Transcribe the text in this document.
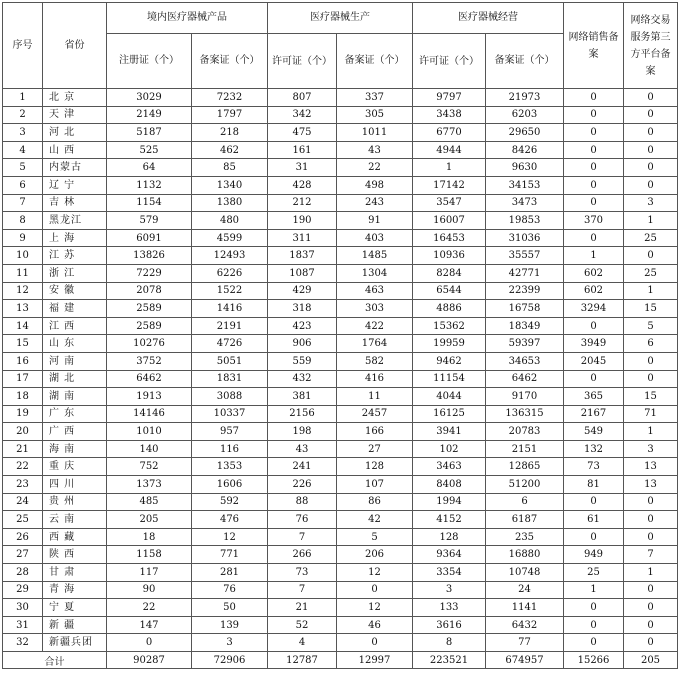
序号	省份	境内医疗器械产品		医疗器械生产		医疗器械经营		网络销售备案	网络交易服务第三方平台备案
		注册证（个）	备案证（个）	许可证（个）	备案证（个）	许可证（个）	备案证（个）		
1	北 京	3029	7232	807	337	9797	21973	0	0
2	天 津	2149	1797	342	305	3438	6203	0	0
3	河 北	5187	218	475	1011	6770	29650	0	0
4	山 西	525	462	161	43	4944	8426	0	0
5	内蒙古	64	85	31	22	1	9630	0	0
6	辽 宁	1132	1340	428	498	17142	34153	0	0
7	吉 林	1154	1380	212	243	3547	3473	0	3
8	黑龙江	579	480	190	91	16007	19853	370	1
9	上 海	6091	4599	311	403	16453	31036	0	25
10	江 苏	13826	12493	1837	1485	10936	35557	1	0
11	浙 江	7229	6226	1087	1304	8284	42771	602	25
12	安 徽	2078	1522	429	463	6544	22399	602	1
13	福 建	2589	1416	318	303	4886	16758	3294	15
14	江 西	2589	2191	423	422	15362	18349	0	5
15	山 东	10276	4726	906	1764	19959	59397	3949	6
16	河 南	3752	5051	559	582	9462	34653	2045	0
17	湖 北	6462	1831	432	416	11154	6462	0	0
18	湖 南	1913	3088	381	11	4044	9170	365	15
19	广 东	14146	10337	2156	2457	16125	136315	2167	71
20	广 西	1010	957	198	166	3941	20783	549	1
21	海 南	140	116	43	27	102	2151	132	3
22	重 庆	752	1353	241	128	3463	12865	73	13
23	四 川	1373	1606	226	107	8408	51200	81	13
24	贵 州	485	592	88	86	1994	6	0	0
25	云 南	205	476	76	42	4152	6187	61	0
26	西 藏	18	12	7	5	128	235	0	0
27	陕 西	1158	771	266	206	9364	16880	949	7
28	甘 肃	117	281	73	12	3354	10748	25	1
29	青 海	90	76	7	0	3	24	1	0
30	宁 夏	22	50	21	12	133	1141	0	0
31	新 疆	147	139	52	46	3616	6432	0	0
32	新疆兵团	0	3	4	0	8	77	0	0
合计		90287	72906	12787	12997	223521	674957	15266	205
